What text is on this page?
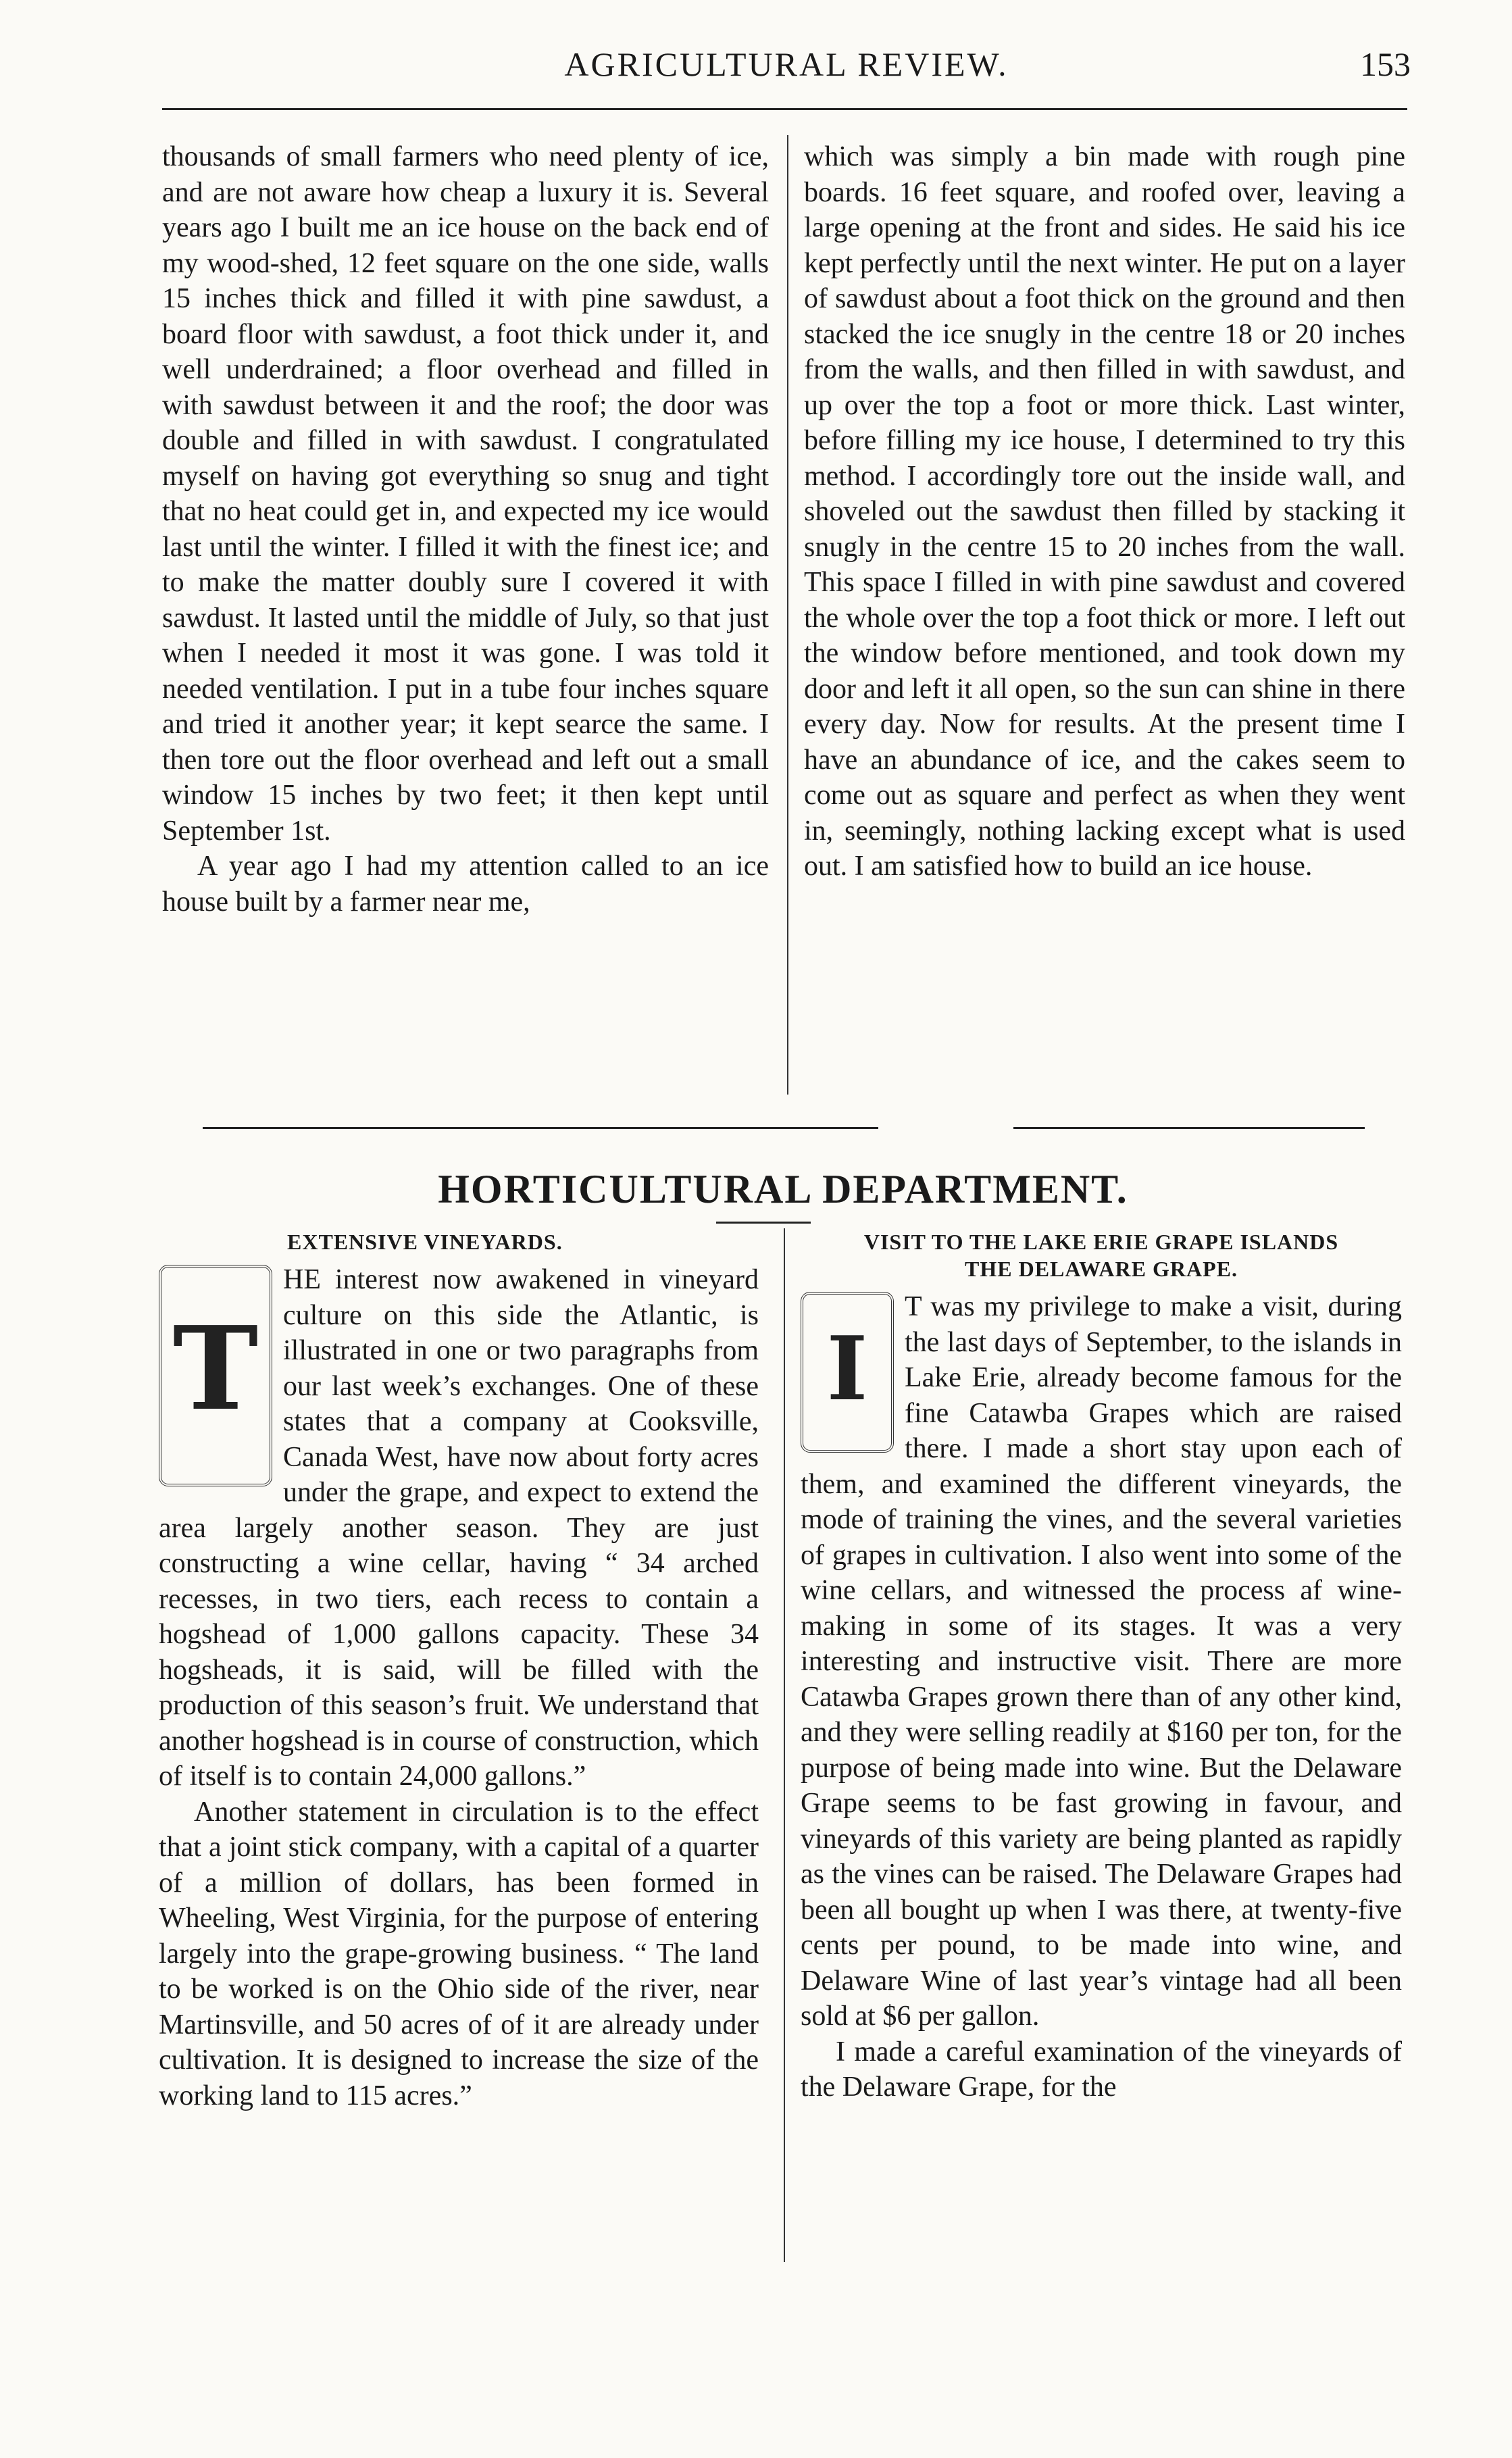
AGRICULTURAL REVIEW.	153

thousands of small farmers who need plenty of ice, and are not aware how cheap a luxury it is. Several years ago I built me an ice house on the back end of my wood-shed, 12 feet square on the one side, walls 15 inches thick and filled it with pine sawdust, a board floor with sawdust, a foot thick under it, and well underdrained; a floor overhead and filled in with sawdust between it and the roof; the door was double and filled in with sawdust. I congratulated myself on having got everything so snug and tight that no heat could get in, and expected my ice would last until the winter. I filled it with the finest ice; and to make the matter doubly sure I covered it with sawdust. It lasted until the middle of July, so that just when I needed it most it was gone. I was told it needed ventilation. I put in a tube four inches square and tried it another year; it kept searce the same. I then tore out the floor overhead and left out a small window 15 inches by two feet; it then kept until September 1st.

A year ago I had my attention called to an ice house built by a farmer near me,

which was simply a bin made with rough pine boards. 16 feet square, and roofed over, leaving a large opening at the front and sides. He said his ice kept perfectly until the next winter. He put on a layer of sawdust about a foot thick on the ground and then stacked the ice snugly in the centre 18 or 20 inches from the walls, and then filled in with sawdust, and up over the top a foot or more thick. Last winter, before filling my ice house, I determined to try this method. I accordingly tore out the inside wall, and shoveled out the sawdust then filled by stacking it snugly in the centre 15 to 20 inches from the wall. This space I filled in with pine sawdust and covered the whole over the top a foot thick or more. I left out the window before mentioned, and took down my door and left it all open, so the sun can shine in there every day. Now for results. At the present time I have an abundance of ice, and the cakes seem to come out as square and perfect as when they went in, seemingly, nothing lacking except what is used out. I am satisfied how to build an ice house.

HORTICULTURAL DEPARTMENT.
EXTENSIVE VINEYARDS.
T

HE interest now awakened in vineyard culture on this side the Atlantic, is illustrated in one or two paragraphs from our last week’s exchanges. One of these states that a company at Cooksville, Canada West, have now about forty acres under the grape, and expect to extend the area largely another season. They are just constructing a wine cellar, having “ 34 arched recesses, in two tiers, each recess to contain a hogshead of 1,000 gallons capacity. These 34 hogsheads, it is said, will be filled with the production of this season’s fruit. We understand that another hogshead is in course of construction, which of itself is to contain 24,000 gallons.”

Another statement in circulation is to the effect that a joint stick company, with a capital of a quarter of a million of dollars, has been formed in Wheeling, West Virginia, for the purpose of entering largely into the grape-growing business. “ The land to be worked is on the Ohio side of the river, near Martinsville, and 50 acres of of it are already under cultivation. It is designed to increase the size of the working land to 115 acres.”

VISIT TO THE LAKE ERIE GRAPE ISLANDS
THE DELAWARE GRAPE.
I

T was my privilege to make a visit, during the last days of September, to the islands in Lake Erie, already become famous for the fine Catawba Grapes which are raised there. I made a short stay upon each of them, and examined the different vineyards, the mode of training the vines, and the several varieties of grapes in cultivation. I also went into some of the wine cellars, and witnessed the process af wine-making in some of its stages. It was a very interesting and instructive visit. There are more Catawba Grapes grown there than of any other kind, and they were selling readily at $160 per ton, for the purpose of being made into wine. But the Delaware Grape seems to be fast growing in favour, and vineyards of this variety are being planted as rapidly as the vines can be raised. The Delaware Grapes had been all bought up when I was there, at twenty-five cents per pound, to be made into wine, and Delaware Wine of last year’s vintage had all been sold at $6 per gallon.

I made a careful examination of the vineyards of the Delaware Grape, for the
